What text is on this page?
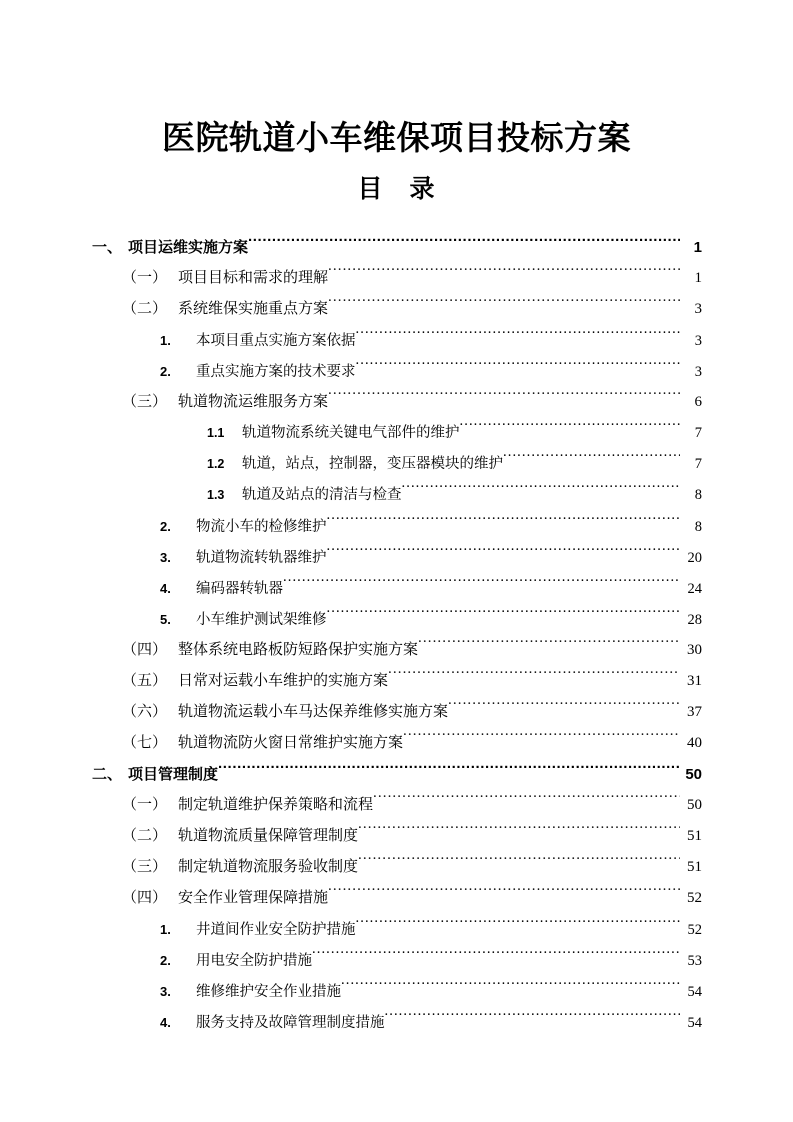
医院轨道小车维保项目投标方案
目　录
一、 项目运维实施方案 .....	1
（一） 项目目标和需求的理解 .....	1
（二） 系统维保实施重点方案 .....	3
1.	本项目重点实施方案依据 .....	3
2.	重点实施方案的技术要求 .....	3
（三） 轨道物流运维服务方案 .....	6
1.1	轨道物流系统关键电气部件的维护 .....	7
1.2	轨道，站点，控制器，变压器模块的维护 .....	7
1.3	轨道及站点的清洁与检查 .....	8
2.	物流小车的检修维护 .....	8
3.	轨道物流转轨器维护 .....	20
4.	编码器转轨器 .....	24
5.	小车维护测试架维修 .....	28
（四） 整体系统电路板防短路保护实施方案 .....	30
（五） 日常对运载小车维护的实施方案 .....	31
（六） 轨道物流运载小车马达保养维修实施方案 .....	37
（七） 轨道物流防火窗日常维护实施方案 .....	40
二、 项目管理制度 .....	50
（一） 制定轨道维护保养策略和流程 .....	50
（二） 轨道物流质量保障管理制度 .....	51
（三） 制定轨道物流服务验收制度 .....	51
（四） 安全作业管理保障措施 .....	52
1.	井道间作业安全防护措施 .....	52
2.	用电安全防护措施 .....	53
3.	维修维护安全作业措施 .....	54
4.	服务支持及故障管理制度措施 .....	54
